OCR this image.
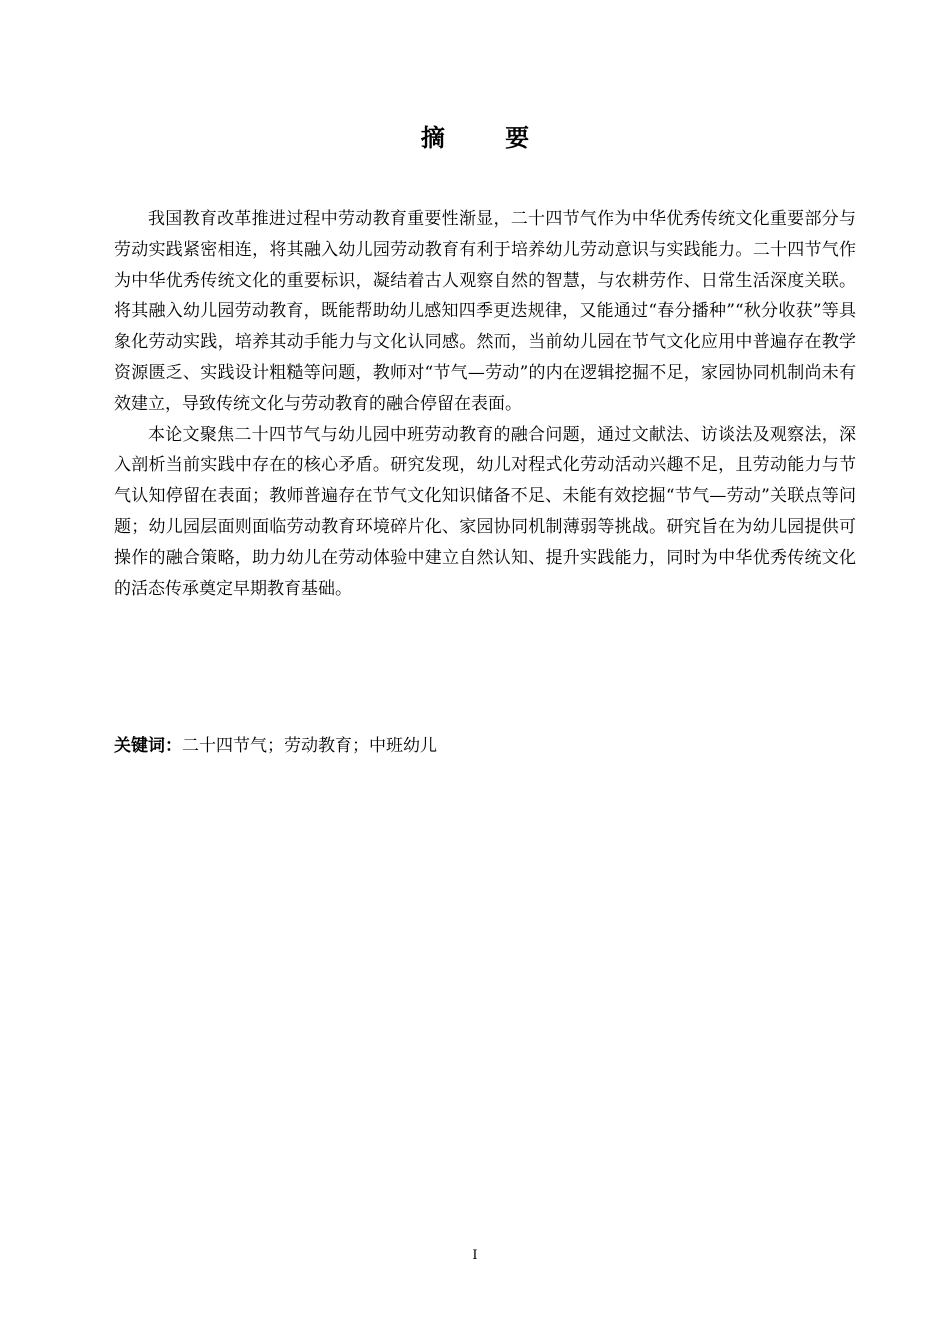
摘 要

我国教育改革推进过程中劳动教育重要性渐显，二十四节气作为中华优秀传统文化重要部分与劳动实践紧密相连，将其融入幼儿园劳动教育有利于培养幼儿劳动意识与实践能力。二十四节气作为中华优秀传统文化的重要标识，凝结着古人观察自然的智慧，与农耕劳作、日常生活深度关联。将其融入幼儿园劳动教育，既能帮助幼儿感知四季更迭规律，又能通过“春分播种”“秋分收获”等具象化劳动实践，培养其动手能力与文化认同感。然而，当前幼儿园在节气文化应用中普遍存在教学资源匮乏、实践设计粗糙等问题，教师对“节气—劳动”的内在逻辑挖掘不足，家园协同机制尚未有效建立，导致传统文化与劳动教育的融合停留在表面。

本论文聚焦二十四节气与幼儿园中班劳动教育的融合问题，通过文献法、访谈法及观察法，深入剖析当前实践中存在的核心矛盾。研究发现，幼儿对程式化劳动活动兴趣不足，且劳动能力与节气认知停留在表面；教师普遍存在节气文化知识储备不足、未能有效挖掘“节气—劳动”关联点等问题；幼儿园层面则面临劳动教育环境碎片化、家园协同机制薄弱等挑战。研究旨在为幼儿园提供可操作的融合策略，助力幼儿在劳动体验中建立自然认知、提升实践能力，同时为中华优秀传统文化的活态传承奠定早期教育基础。

关键词：二十四节气；劳动教育；中班幼儿
I
